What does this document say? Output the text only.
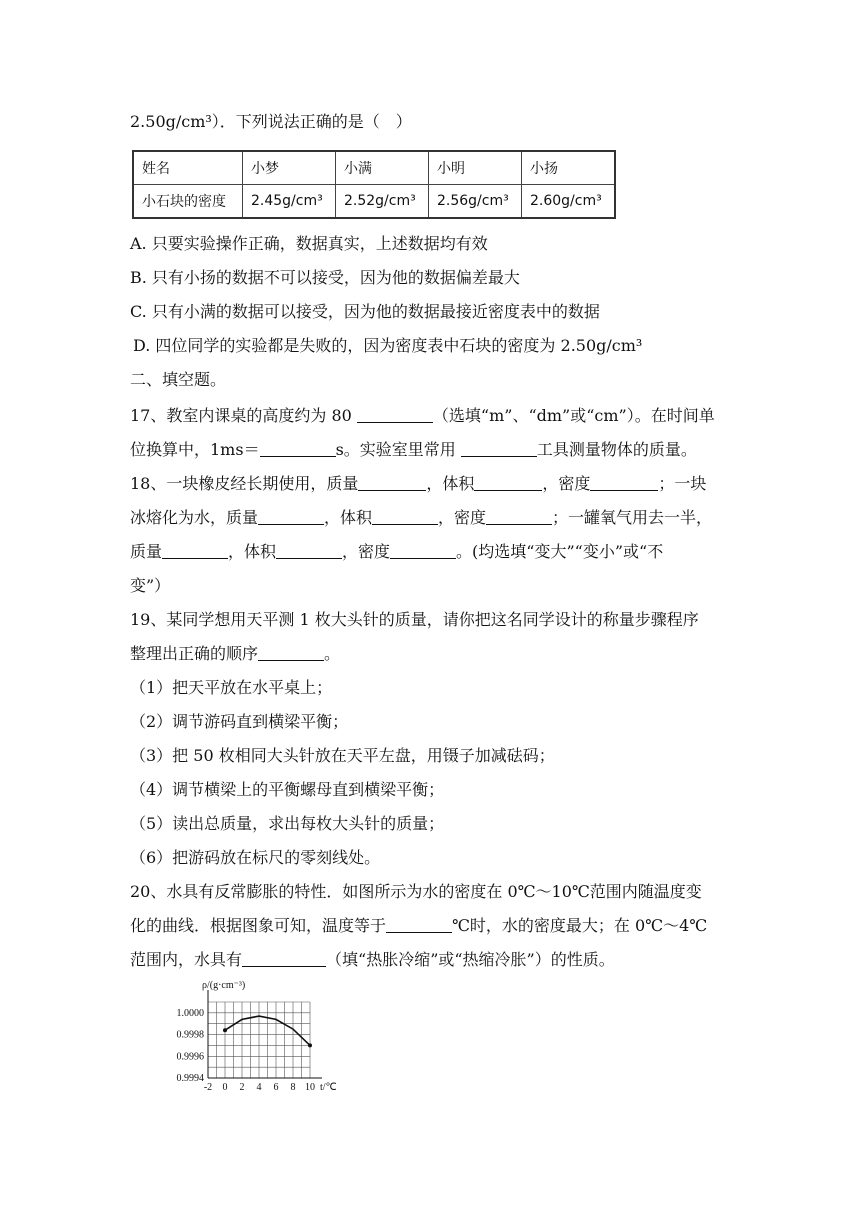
2.50g/cm³）．下列说法正确的是（　）
姓名	小梦	小满	小明	小扬
小石块的密度	2.45g/cm³	2.52g/cm³	2.56g/cm³	2.60g/cm³
A. 只要实验操作正确，数据真实，上述数据均有效
B. 只有小扬的数据不可以接受，因为他的数据偏差最大
C. 只有小满的数据可以接受，因为他的数据最接近密度表中的数据
D. 四位同学的实验都是失败的，因为密度表中石块的密度为 2.50g/cm³
二、填空题。
17、教室内课桌的高度约为 80	（选填“m”、“dm”或“cm”）。在时间单
位换算中，1ms＝	s。实验室里常用	工具测量物体的质量。
18、一块橡皮经长期使用，质量	，体积	，密度	；一块
冰熔化为水，质量	，体积	，密度	；一罐氧气用去一半，
质量	，体积	，密度	。(均选填“变大”“变小”或“不
变”）
19、某同学想用天平测 1 枚大头针的质量，请你把这名同学设计的称量步骤程序
整理出正确的顺序	。
（1）把天平放在水平桌上；
（2）调节游码直到横梁平衡；
（3）把 50 枚相同大头针放在天平左盘，用镊子加减砝码；
（4）调节横梁上的平衡螺母直到横梁平衡；
（5）读出总质量，求出每枚大头针的质量；
（6）把游码放在标尺的零刻线处。
20、水具有反常膨胀的特性．如图所示为水的密度在 0℃～10℃范围内随温度变
化的曲线．根据图象可知，温度等于	℃时，水的密度最大；在 0℃～4℃
范围内，水具有	（填“热胀冷缩”或“热缩冷胀”）的性质。
-2 0 2 4 6 8 10
1.0000
0.9998
0.9996
0.9994
ρ/(g·cm⁻³)
t/℃
